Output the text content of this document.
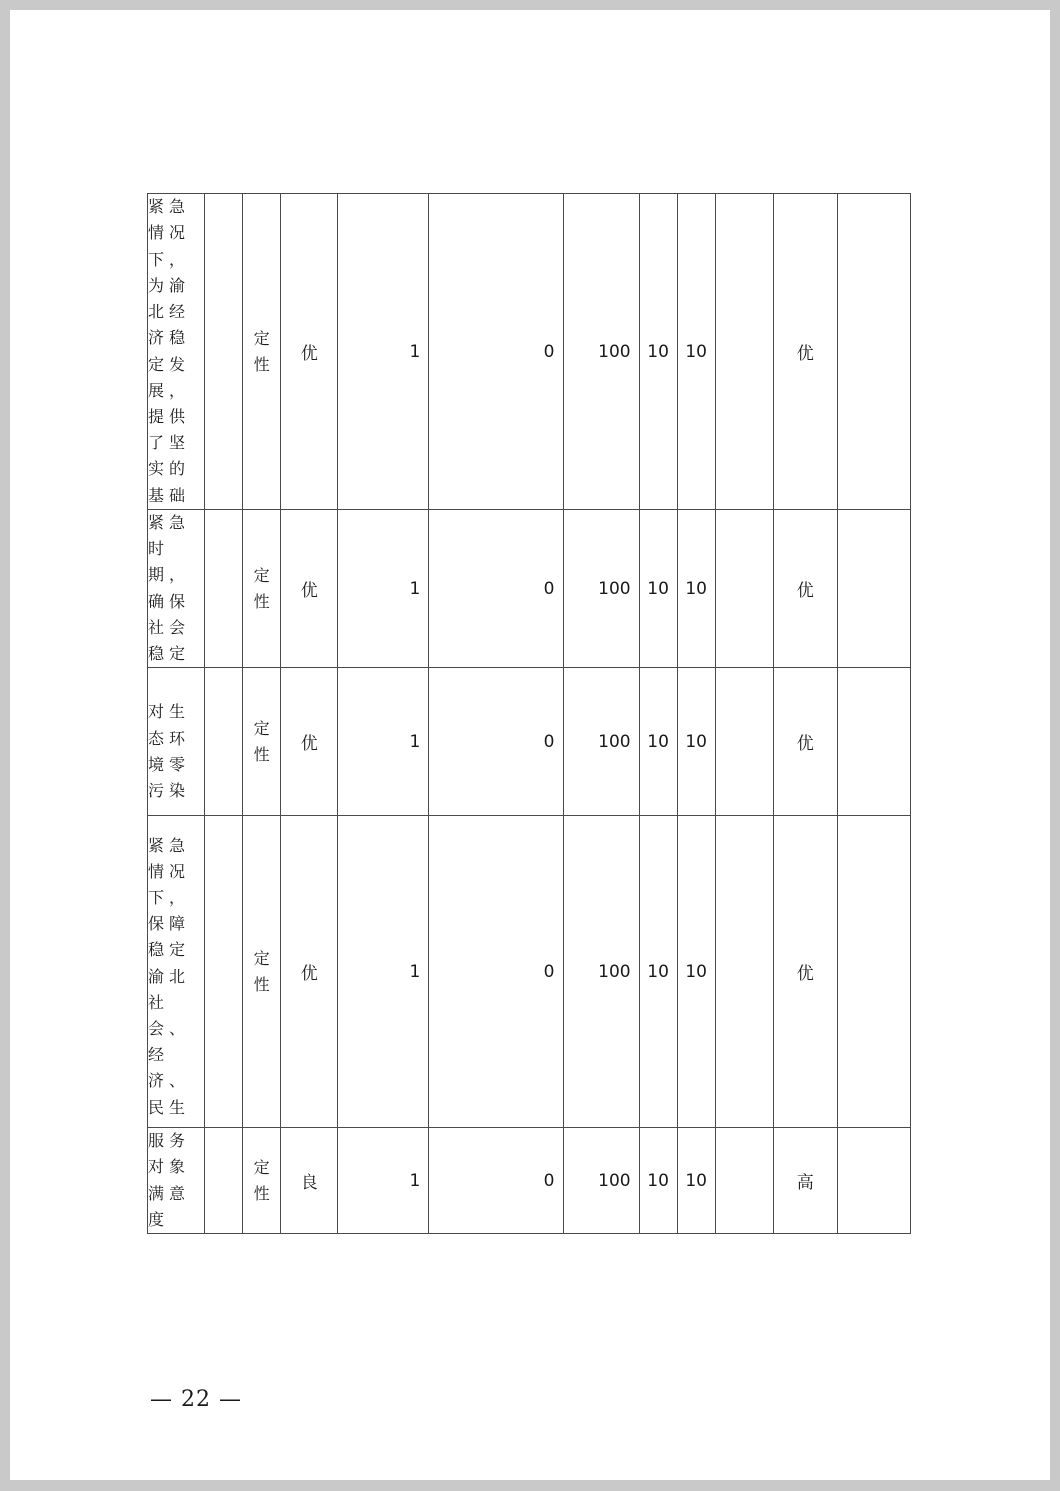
紧急情况下，为渝北经济稳定发展，提供了坚实的基础		定性	优	1	0	100	10	10		优	

紧急时期，确保社会稳定		定性	优	1	0	100	10	10		优	

对生态环境零污染		定性	优	1	0	100	10	10		优	

紧急情况下，保障稳定渝北社会、经济、民生		定性	优	1	0	100	10	10		优	

服务对象满意度		定性	良	1	0	100	10	10		高	
— 22 —
